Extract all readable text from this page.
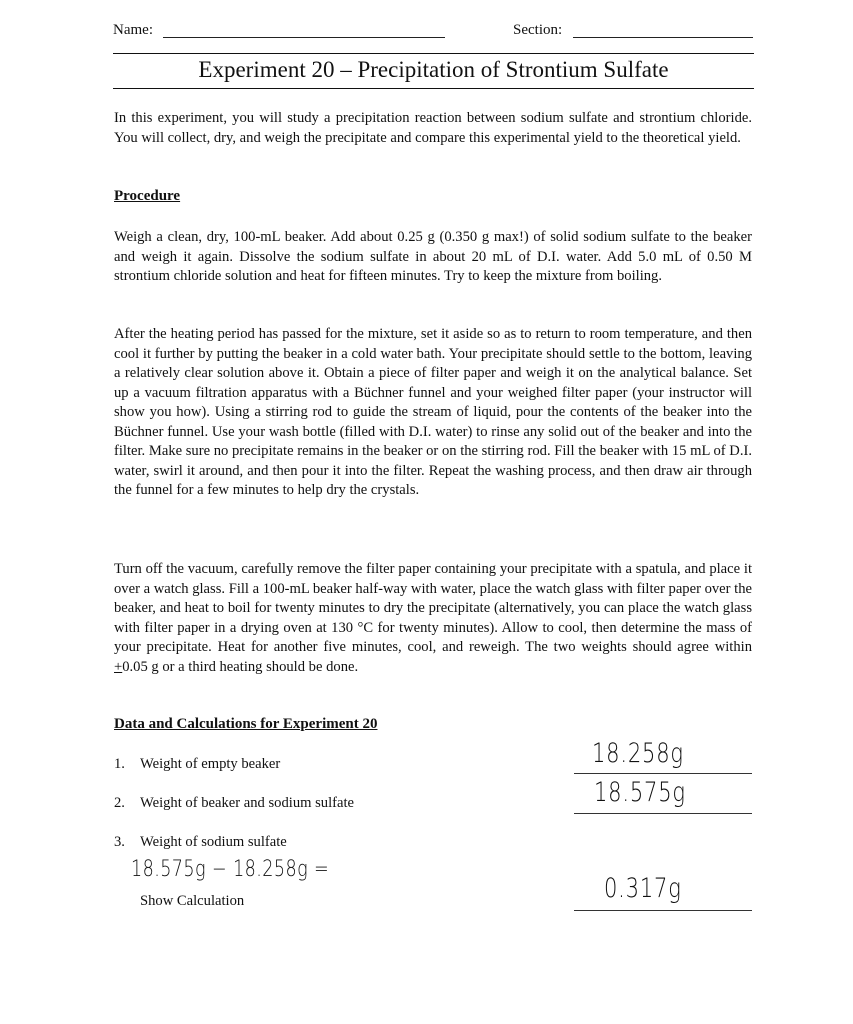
Name:	Section:
Experiment 20 – Precipitation of Strontium Sulfate

In this experiment, you will study a precipitation reaction between sodium sulfate and strontium chloride. You will collect, dry, and weigh the precipitate and compare this experimental yield to the theoretical yield.

Procedure

Weigh a clean, dry, 100-mL beaker. Add about 0.25 g (0.350 g max!) of solid sodium sulfate to the beaker and weigh it again. Dissolve the sodium sulfate in about 20 mL of D.I. water. Add 5.0 mL of 0.50 M strontium chloride solution and heat for fifteen minutes. Try to keep the mixture from boiling.

After the heating period has passed for the mixture, set it aside so as to return to room temperature, and then cool it further by putting the beaker in a cold water bath. Your precipitate should settle to the bottom, leaving a relatively clear solution above it. Obtain a piece of filter paper and weigh it on the analytical balance. Set up a vacuum filtration apparatus with a Büchner funnel and your weighed filter paper (your instructor will show you how). Using a stirring rod to guide the stream of liquid, pour the contents of the beaker into the Büchner funnel. Use your wash bottle (filled with D.I. water) to rinse any solid out of the beaker and into the filter. Make sure no precipitate remains in the beaker or on the stirring rod. Fill the beaker with 15 mL of D.I. water, swirl it around, and then pour it into the filter. Repeat the washing process, and then draw air through the funnel for a few minutes to help dry the crystals.

Turn off the vacuum, carefully remove the filter paper containing your precipitate with a spatula, and place it over a watch glass. Fill a 100-mL beaker half-way with water, place the watch glass with filter paper over the beaker, and heat to boil for twenty minutes to dry the precipitate (alternatively, you can place the watch glass with filter paper in a drying oven at 130 °C for twenty minutes). Allow to cool, then determine the mass of your precipitate. Heat for another five minutes, cool, and reweigh. The two weights should agree within +0.05 g or a third heating should be done.

Data and Calculations for Experiment 20

1. Weight of empty beaker	18.258g
2. Weight of beaker and sodium sulfate	18.575g
3. Weight of sodium sulfate
18.575g − 18.258g =
Show Calculation	0.317g
